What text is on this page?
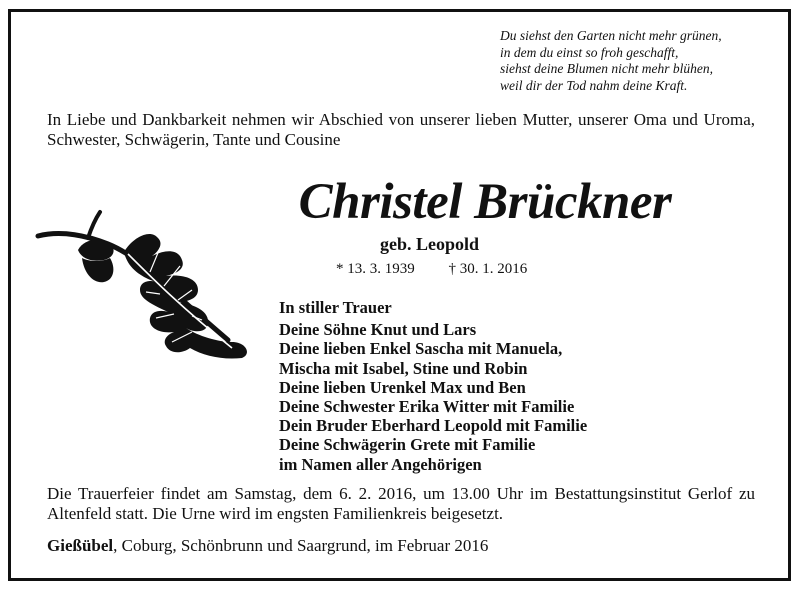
Du siehst den Garten nicht mehr grünen,
in dem du einst so froh geschafft,
siehst deine Blumen nicht mehr blühen,
weil dir der Tod nahm deine Kraft.
In Liebe und Dankbarkeit nehmen wir Abschied von unserer lieben Mutter, unserer Oma und Uroma, Schwester, Schwägerin, Tante und Cousine
Christel Brückner
geb. Leopold
* 13. 3. 1939 † 30. 1. 2016
In stiller Trauer
Deine Söhne Knut und Lars
Deine lieben Enkel Sascha mit Manuela,
Mischa mit Isabel, Stine und Robin
Deine lieben Urenkel Max und Ben
Deine Schwester Erika Witter mit Familie
Dein Bruder Eberhard Leopold mit Familie
Deine Schwägerin Grete mit Familie
im Namen aller Angehörigen
Die Trauerfeier findet am Samstag, dem 6. 2. 2016, um 13.00 Uhr im Bestattungsinstitut Gerlof zu Altenfeld statt. Die Urne wird im engsten Familienkreis beigesetzt.
Gießübel, Coburg, Schönbrunn und Saargrund, im Februar 2016
